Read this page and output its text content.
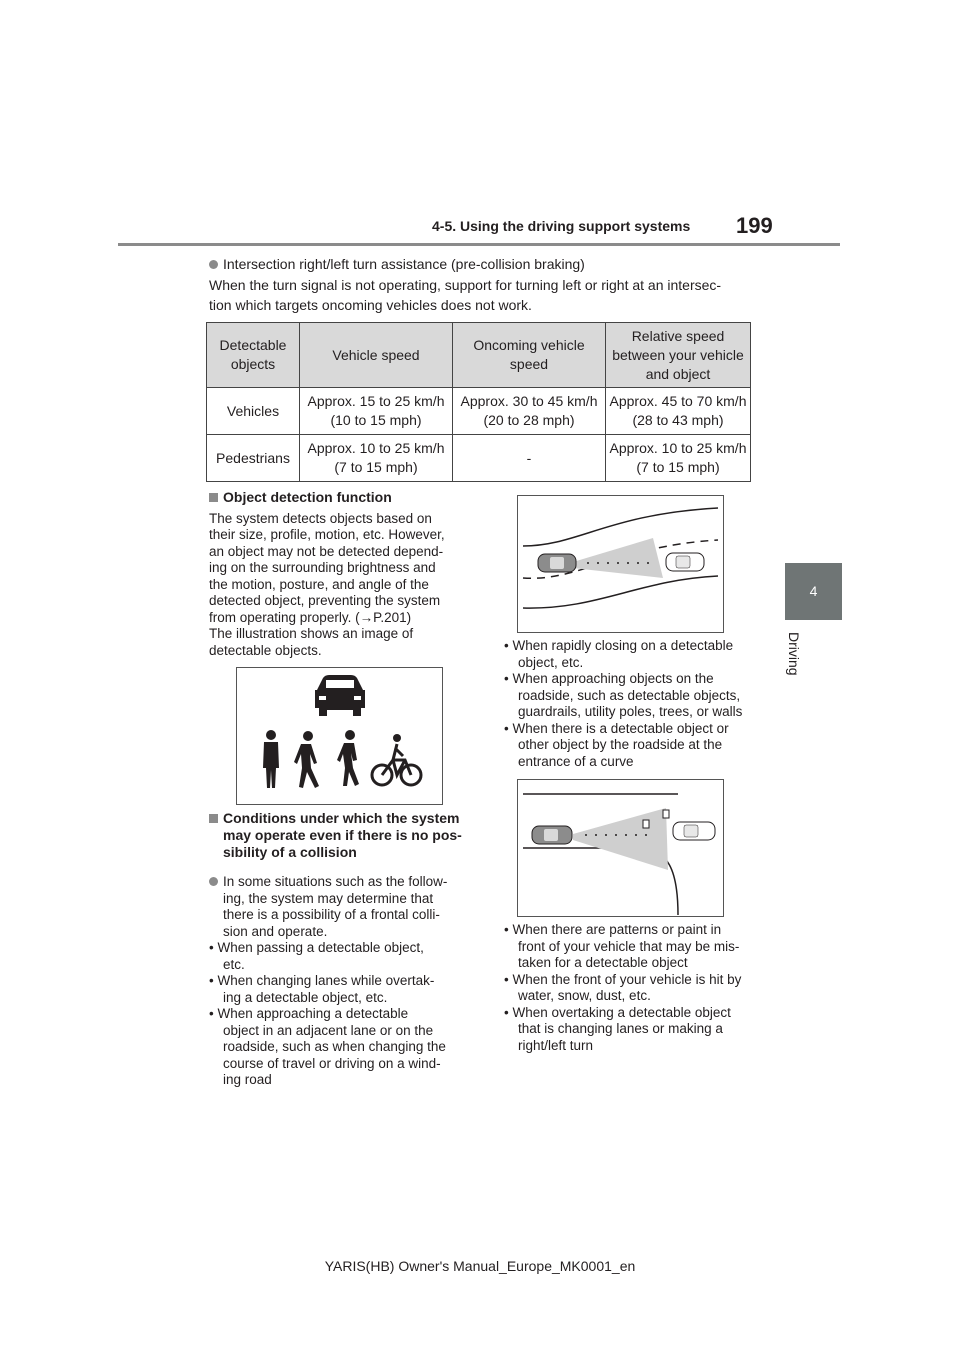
4-5. Using the driving support systems 199
4
Driving
Intersection right/left turn assistance (pre-collision braking)
When the turn signal is not operating, support for turning left or right at an intersec-
tion which targets oncoming vehicles does not work.
Detectable objects	Vehicle speed	Oncoming vehicle speed	Relative speed between your vehicle and object
Vehicles	Approx. 15 to 25 km/h (10 to 15 mph)	Approx. 30 to 45 km/h (20 to 28 mph)	Approx. 45 to 70 km/h (28 to 43 mph)
Pedestrians	Approx. 10 to 25 km/h (7 to 15 mph)	-	Approx. 10 to 25 km/h (7 to 15 mph)
Object detection function
The system detects objects based on
their size, profile, motion, etc. However,
an object may not be detected depend-
ing on the surrounding brightness and
the motion, posture, and angle of the
detected object, preventing the system
from operating properly. (→P.201)
The illustration shows an image of
detectable objects.
Conditions under which the system
may operate even if there is no pos-
sibility of a collision
In some situations such as the follow-
ing, the system may determine that
there is a possibility of a frontal colli-
sion and operate.
• When passing a detectable object,
etc.
• When changing lanes while overtak-
ing a detectable object, etc.
• When approaching a detectable
object in an adjacent lane or on the
roadside, such as when changing the
course of travel or driving on a wind-
ing road
• When rapidly closing on a detectable
object, etc.
• When approaching objects on the
roadside, such as detectable objects,
guardrails, utility poles, trees, or walls
• When there is a detectable object or
other object by the roadside at the
entrance of a curve
• When there are patterns or paint in
front of your vehicle that may be mis-
taken for a detectable object
• When the front of your vehicle is hit by
water, snow, dust, etc.
• When overtaking a detectable object
that is changing lanes or making a
right/left turn
YARIS(HB) Owner's Manual_Europe_MK0001_en
